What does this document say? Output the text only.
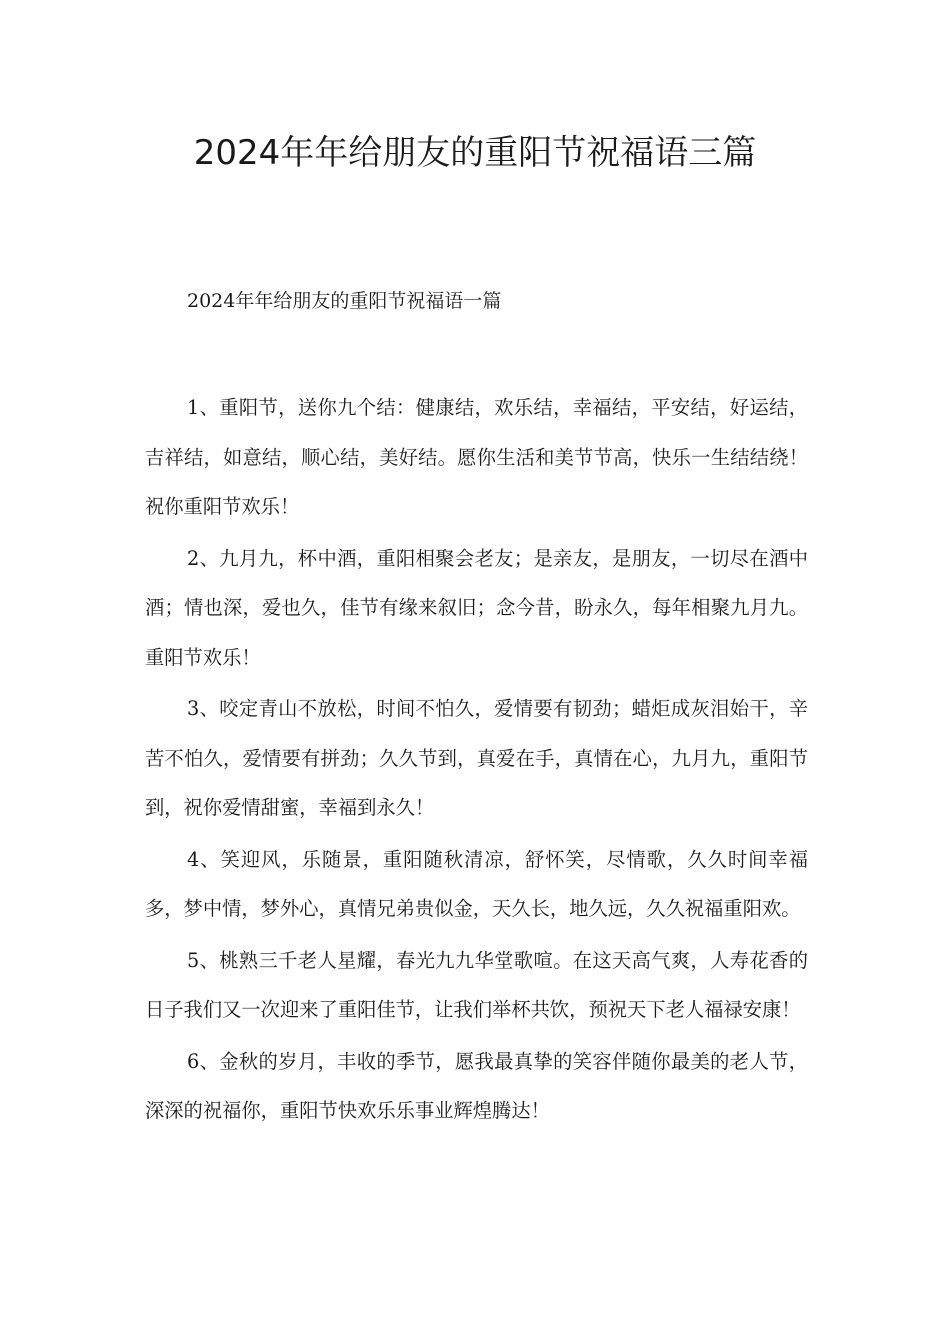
2024年年给朋友的重阳节祝福语三篇

2024年年给朋友的重阳节祝福语一篇

1、重阳节，送你九个结：健康结，欢乐结，幸福结，平安结，好运结，吉祥结，如意结，顺心结，美好结。愿你生活和美节节高，快乐一生结结绕！祝你重阳节欢乐！

2、九月九，杯中酒，重阳相聚会老友；是亲友，是朋友，一切尽在酒中酒；情也深，爱也久，佳节有缘来叙旧；念今昔，盼永久，每年相聚九月九。重阳节欢乐！

3、咬定青山不放松，时间不怕久，爱情要有韧劲；蜡炬成灰泪始干，辛苦不怕久，爱情要有拼劲；久久节到，真爱在手，真情在心，九月九，重阳节到，祝你爱情甜蜜，幸福到永久！

4、笑迎风，乐随景，重阳随秋清凉，舒怀笑，尽情歌，久久时间幸福多，梦中情，梦外心，真情兄弟贵似金，天久长，地久远，久久祝福重阳欢。

5、桃熟三千老人星耀，春光九九华堂歌喧。在这天高气爽，人寿花香的日子我们又一次迎来了重阳佳节，让我们举杯共饮，预祝天下老人福禄安康！

6、金秋的岁月，丰收的季节，愿我最真挚的笑容伴随你最美的老人节，深深的祝福你，重阳节快欢乐乐事业辉煌腾达！
